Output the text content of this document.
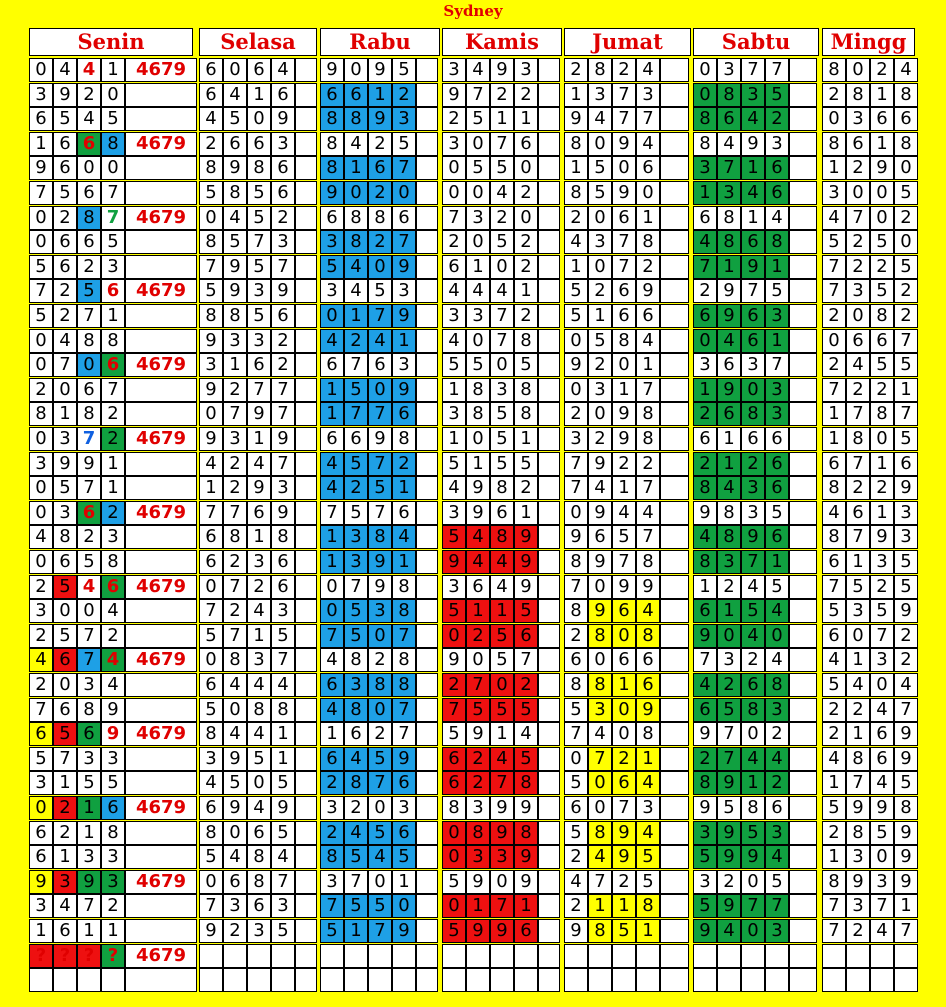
Sydney
Senin	Selasa	Rabu	Kamis	Jumat	Sabtu	Mingg
0 4 4 1 4679	6 0 6 4	9 0 9 5	3 4 9 3	2 8 2 4	0 3 7 7	8 0 2 4
3 9 2 0	6 4 1 6	6 6 1 2	9 7 2 2	1 3 7 3	0 8 3 5	2 8 1 8
6 5 4 5	4 5 0 9	8 8 9 3	2 5 1 1	9 4 7 7	8 6 4 2	0 3 6 6
1 6 6 8 4679	2 6 6 3	8 4 2 5	3 0 7 6	8 0 9 4	8 4 9 3	8 6 1 8
9 6 0 0	8 9 8 6	8 1 6 7	0 5 5 0	1 5 0 6	3 7 1 6	1 2 9 0
7 5 6 7	5 8 5 6	9 0 2 0	0 0 4 2	8 5 9 0	1 3 4 6	3 0 0 5
0 2 8 7 4679	0 4 5 2	6 8 8 6	7 3 2 0	2 0 6 1	6 8 1 4	4 7 0 2
0 6 6 5	8 5 7 3	3 8 2 7	2 0 5 2	4 3 7 8	4 8 6 8	5 2 5 0
5 6 2 3	7 9 5 7	5 4 0 9	6 1 0 2	1 0 7 2	7 1 9 1	7 2 2 5
7 2 5 6 4679	5 9 3 9	3 4 5 3	4 4 4 1	5 2 6 9	2 9 7 5	7 3 5 2
5 2 7 1	8 8 5 6	0 1 7 9	3 3 7 2	5 1 6 6	6 9 6 3	2 0 8 2
0 4 8 8	9 3 3 2	4 2 4 1	4 0 7 8	0 5 8 4	0 4 6 1	0 6 6 7
0 7 0 6 4679	3 1 6 2	6 7 6 3	5 5 0 5	9 2 0 1	3 6 3 7	2 4 5 5
2 0 6 7	9 2 7 7	1 5 0 9	1 8 3 8	0 3 1 7	1 9 0 3	7 2 2 1
8 1 8 2	0 7 9 7	1 7 7 6	3 8 5 8	2 0 9 8	2 6 8 3	1 7 8 7
0 3 7 2 4679	9 3 1 9	6 6 9 8	1 0 5 1	3 2 9 8	6 1 6 6	1 8 0 5
3 9 9 1	4 2 4 7	4 5 7 2	5 1 5 5	7 9 2 2	2 1 2 6	6 7 1 6
0 5 7 1	1 2 9 3	4 2 5 1	4 9 8 2	7 4 1 7	8 4 3 6	8 2 2 9
0 3 6 2 4679	7 7 6 9	7 5 7 6	3 9 6 1	0 9 4 4	9 8 3 5	4 6 1 3
4 8 2 3	6 8 1 8	1 3 8 4	5 4 8 9	9 6 5 7	4 8 9 6	8 7 9 3
0 6 5 8	6 2 3 6	1 3 9 1	9 4 4 9	8 9 7 8	8 3 7 1	6 1 3 5
2 5 4 6 4679	0 7 2 6	0 7 9 8	3 6 4 9	7 0 9 9	1 2 4 5	7 5 2 5
3 0 0 4	7 2 4 3	0 5 3 8	5 1 1 5	8 9 6 4	6 1 5 4	5 3 5 9
2 5 7 2	5 7 1 5	7 5 0 7	0 2 5 6	2 8 0 8	9 0 4 0	6 0 7 2
4 6 7 4 4679	0 8 3 7	4 8 2 8	9 0 5 7	6 0 6 6	7 3 2 4	4 1 3 2
2 0 3 4	6 4 4 4	6 3 8 8	2 7 0 2	8 8 1 6	4 2 6 8	5 4 0 4
7 6 8 9	5 0 8 8	4 8 0 7	7 5 5 5	5 3 0 9	6 5 8 3	2 2 4 7
6 5 6 9 4679	8 4 4 1	1 6 2 7	5 9 1 4	7 4 0 8	9 7 0 2	2 1 6 9
5 7 3 3	3 9 5 1	6 4 5 9	6 2 4 5	0 7 2 1	2 7 4 4	4 8 6 9
3 1 5 5	4 5 0 5	2 8 7 6	6 2 7 8	5 0 6 4	8 9 1 2	1 7 4 5
0 2 1 6 4679	6 9 4 9	3 2 0 3	8 3 9 9	6 0 7 3	9 5 8 6	5 9 9 8
6 2 1 8	8 0 6 5	2 4 5 6	0 8 9 8	5 8 9 4	3 9 5 3	2 8 5 9
6 1 3 3	5 4 8 4	8 5 4 5	0 3 3 9	2 4 9 5	5 9 9 4	1 3 0 9
9 3 9 3 4679	0 6 8 7	3 7 0 1	5 9 0 9	4 7 2 5	3 2 0 5	8 9 3 9
3 4 7 2	7 3 6 3	7 5 5 0	0 1 7 1	2 1 1 8	5 9 7 7	7 3 7 1
1 6 1 1	9 2 3 5	5 1 7 9	5 9 9 6	9 8 5 1	9 4 0 3	7 2 4 7
? ? ? ? 4679
